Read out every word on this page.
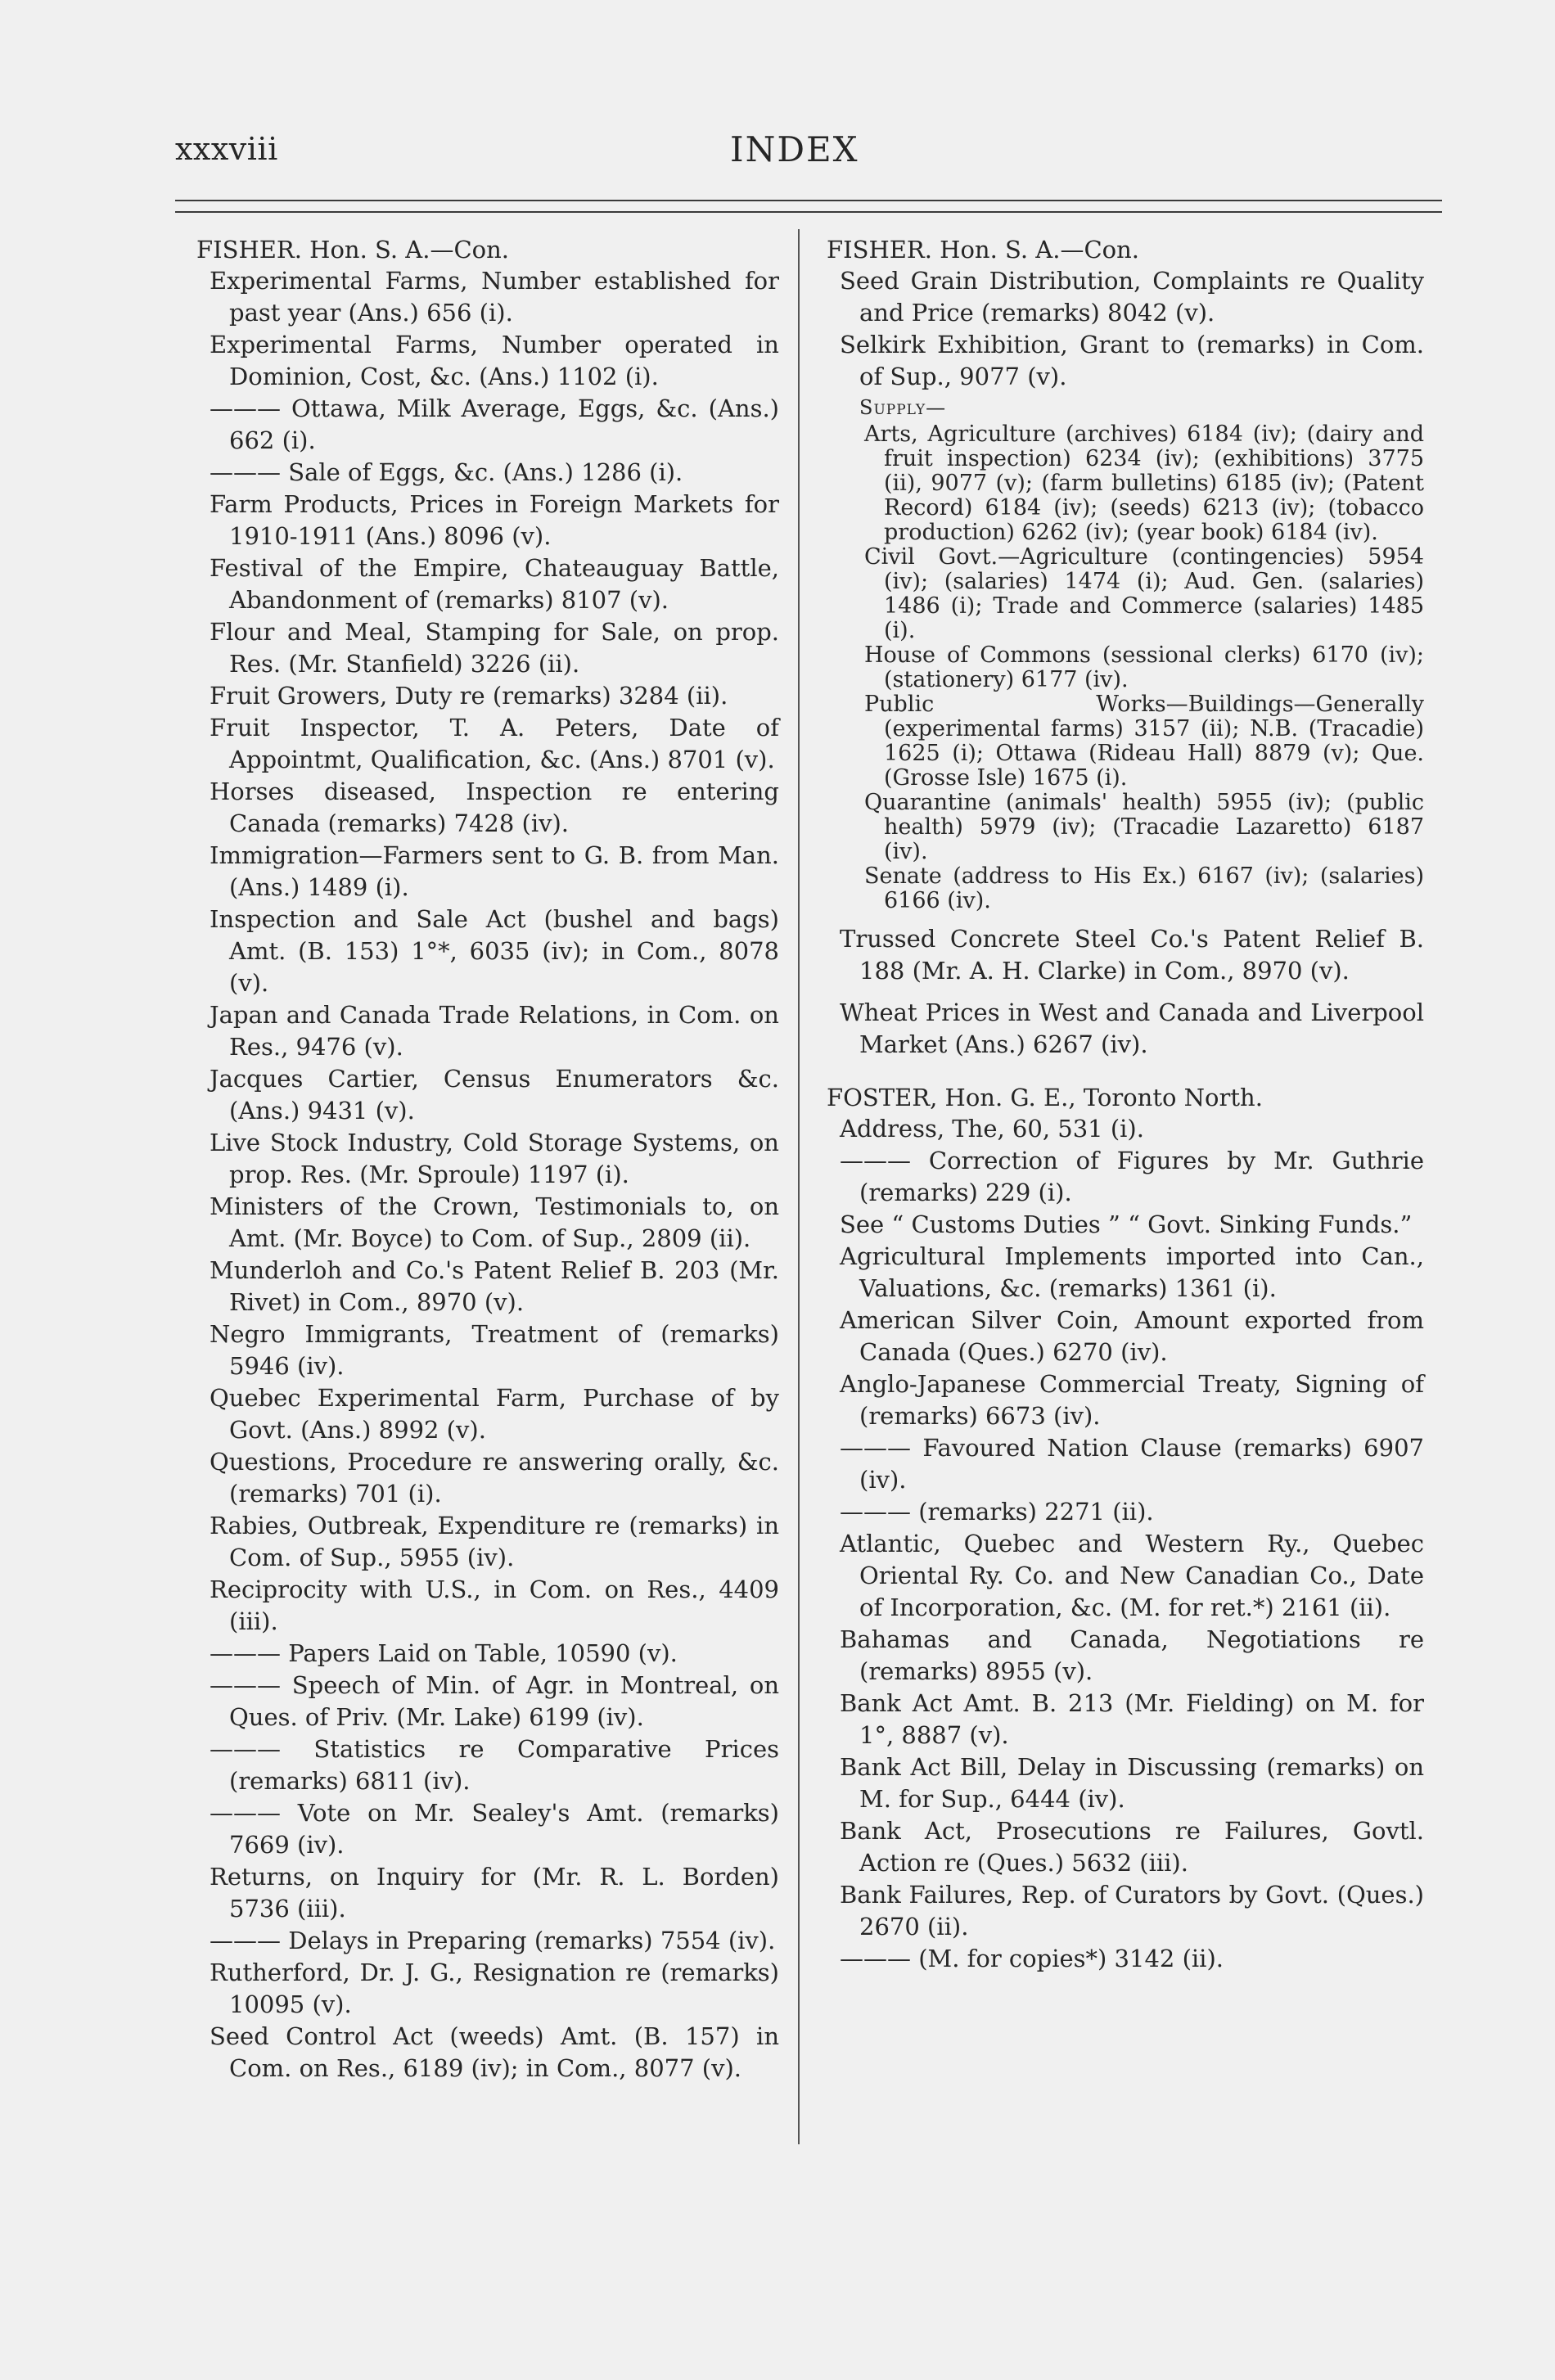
xxxviii	INDEX

FISHER. Hon. S. A.—Con.

Experimental Farms, Number established for past year (Ans.) 656 (i).

Experimental Farms, Number operated in Dominion, Cost, &c. (Ans.) 1102 (i).

——— Ottawa, Milk Average, Eggs, &c. (Ans.) 662 (i).

——— Sale of Eggs, &c. (Ans.) 1286 (i).

Farm Products, Prices in Foreign Markets for 1910-1911 (Ans.) 8096 (v).

Festival of the Empire, Chateauguay Battle, Abandonment of (remarks) 8107 (v).

Flour and Meal, Stamping for Sale, on prop. Res. (Mr. Stanfield) 3226 (ii).

Fruit Growers, Duty re (remarks) 3284 (ii).

Fruit Inspector, T. A. Peters, Date of Appointmt, Qualification, &c. (Ans.) 8701 (v).

Horses diseased, Inspection re entering Canada (remarks) 7428 (iv).

Immigration—Farmers sent to G. B. from Man. (Ans.) 1489 (i).

Inspection and Sale Act (bushel and bags) Amt. (B. 153) 1°*, 6035 (iv); in Com., 8078 (v).

Japan and Canada Trade Relations, in Com. on Res., 9476 (v).

Jacques Cartier, Census Enumerators &c. (Ans.) 9431 (v).

Live Stock Industry, Cold Storage Systems, on prop. Res. (Mr. Sproule) 1197 (i).

Ministers of the Crown, Testimonials to, on Amt. (Mr. Boyce) to Com. of Sup., 2809 (ii).

Munderloh and Co.'s Patent Relief B. 203 (Mr. Rivet) in Com., 8970 (v).

Negro Immigrants, Treatment of (remarks) 5946 (iv).

Quebec Experimental Farm, Purchase of by Govt. (Ans.) 8992 (v).

Questions, Procedure re answering orally, &c. (remarks) 701 (i).

Rabies, Outbreak, Expenditure re (remarks) in Com. of Sup., 5955 (iv).

Reciprocity with U.S., in Com. on Res., 4409 (iii).

——— Papers Laid on Table, 10590 (v).

——— Speech of Min. of Agr. in Montreal, on Ques. of Priv. (Mr. Lake) 6199 (iv).

——— Statistics re Comparative Prices (remarks) 6811 (iv).

——— Vote on Mr. Sealey's Amt. (remarks) 7669 (iv).

Returns, on Inquiry for (Mr. R. L. Borden) 5736 (iii).

——— Delays in Preparing (remarks) 7554 (iv).

Rutherford, Dr. J. G., Resignation re (remarks) 10095 (v).

Seed Control Act (weeds) Amt. (B. 157) in Com. on Res., 6189 (iv); in Com., 8077 (v).

FISHER. Hon. S. A.—Con.

Seed Grain Distribution, Complaints re Quality and Price (remarks) 8042 (v).

Selkirk Exhibition, Grant to (remarks) in Com. of Sup., 9077 (v).

Supply—

Arts, Agriculture (archives) 6184 (iv); (dairy and fruit inspection) 6234 (iv); (exhibitions) 3775 (ii), 9077 (v); (farm bulletins) 6185 (iv); (Patent Record) 6184 (iv); (seeds) 6213 (iv); (tobacco production) 6262 (iv); (year book) 6184 (iv).

Civil Govt.—Agriculture (contingencies) 5954 (iv); (salaries) 1474 (i); Aud. Gen. (salaries) 1486 (i); Trade and Commerce (salaries) 1485 (i).

House of Commons (sessional clerks) 6170 (iv); (stationery) 6177 (iv).

Public Works—Buildings—Generally (experimental farms) 3157 (ii); N.B. (Tracadie) 1625 (i); Ottawa (Rideau Hall) 8879 (v); Que. (Grosse Isle) 1675 (i).

Quarantine (animals' health) 5955 (iv); (public health) 5979 (iv); (Tracadie Lazaretto) 6187 (iv).

Senate (address to His Ex.) 6167 (iv); (salaries) 6166 (iv).

Trussed Concrete Steel Co.'s Patent Relief B. 188 (Mr. A. H. Clarke) in Com., 8970 (v).

Wheat Prices in West and Canada and Liverpool Market (Ans.) 6267 (iv).

FOSTER, Hon. G. E., Toronto North.

Address, The, 60, 531 (i).

——— Correction of Figures by Mr. Guthrie (remarks) 229 (i).

See “ Customs Duties ” “ Govt. Sinking Funds.”

Agricultural Implements imported into Can., Valuations, &c. (remarks) 1361 (i).

American Silver Coin, Amount exported from Canada (Ques.) 6270 (iv).

Anglo-Japanese Commercial Treaty, Signing of (remarks) 6673 (iv).

——— Favoured Nation Clause (remarks) 6907 (iv).

——— (remarks) 2271 (ii).

Atlantic, Quebec and Western Ry., Quebec Oriental Ry. Co. and New Canadian Co., Date of Incorporation, &c. (M. for ret.*) 2161 (ii).

Bahamas and Canada, Negotiations re (remarks) 8955 (v).

Bank Act Amt. B. 213 (Mr. Fielding) on M. for 1°, 8887 (v).

Bank Act Bill, Delay in Discussing (remarks) on M. for Sup., 6444 (iv).

Bank Act, Prosecutions re Failures, Govtl. Action re (Ques.) 5632 (iii).

Bank Failures, Rep. of Curators by Govt. (Ques.) 2670 (ii).

——— (M. for copies*) 3142 (ii).
